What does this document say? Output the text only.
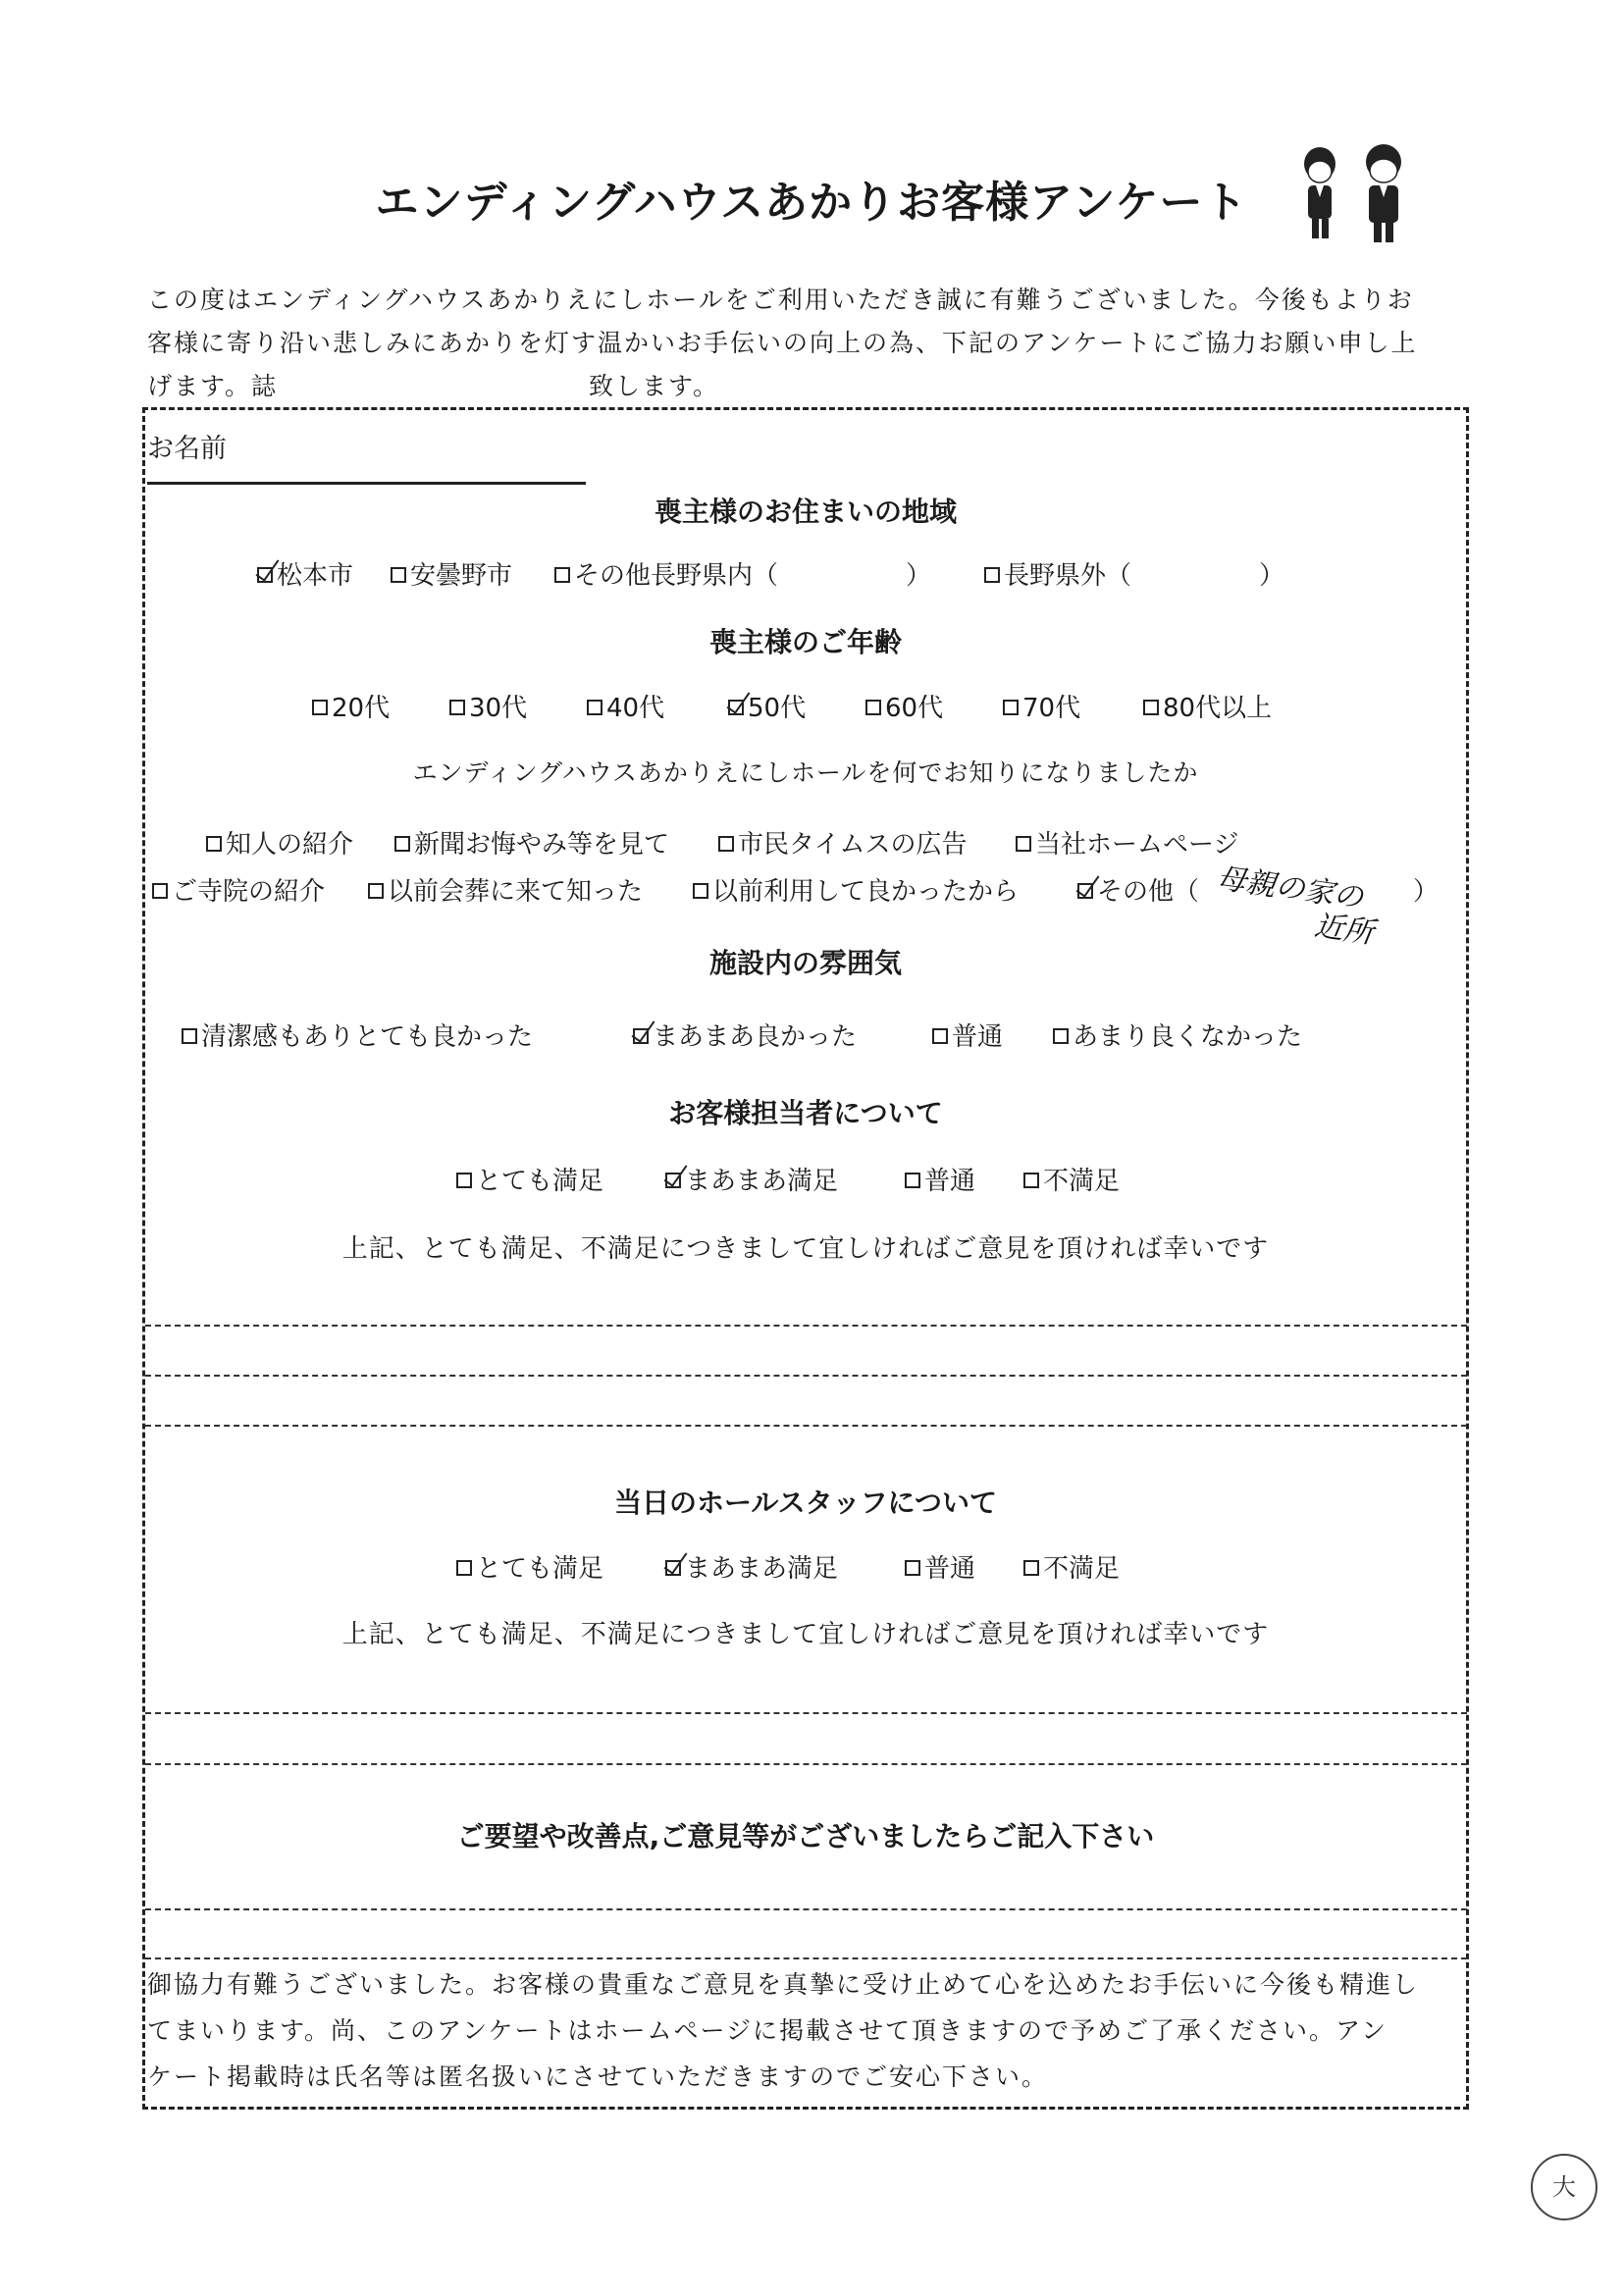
エンディングハウスあかりお客様アンケート
この度はエンディングハウスあかりえにしホールをご利用いただき誠に有難うございました。今後もよりお
客様に寄り沿い悲しみにあかりを灯す温かいお手伝いの向上の為、下記のアンケートにご協力お願い申し上
げます。誌	致します。
お名前
喪主様のお住まいの地域
松本市 安曇野市 その他長野県内（　　　　　）	長野県外（　　　　　）
喪主様のご年齢
20代	30代	40代	50代	60代	70代	80代以上
エンディングハウスあかりえにしホールを何でお知りになりましたか
知人の紹介 新聞お悔やみ等を見て	市民タイムスの広告	当社ホームページ
ご寺院の紹介 以前会葬に来て知った	以前利用して良かったから	その他（ 母親の家の
近所
）
施設内の雰囲気
清潔感もありとても良かった	まあまあ良かった	普通	あまり良くなかった
お客様担当者について
とても満足	まあまあ満足	普通	不満足
上記、とても満足、不満足につきまして宜しければご意見を頂ければ幸いです
当日のホールスタッフについて
とても満足	まあまあ満足	普通	不満足
上記、とても満足、不満足につきまして宜しければご意見を頂ければ幸いです
ご要望や改善点,ご意見等がございましたらご記入下さい
御協力有難うございました。お客様の貴重なご意見を真摯に受け止めて心を込めたお手伝いに今後も精進し
てまいります。尚、このアンケートはホームページに掲載させて頂きますので予めご了承ください。アン
ケート掲載時は氏名等は匿名扱いにさせていただきますのでご安心下さい。
大
